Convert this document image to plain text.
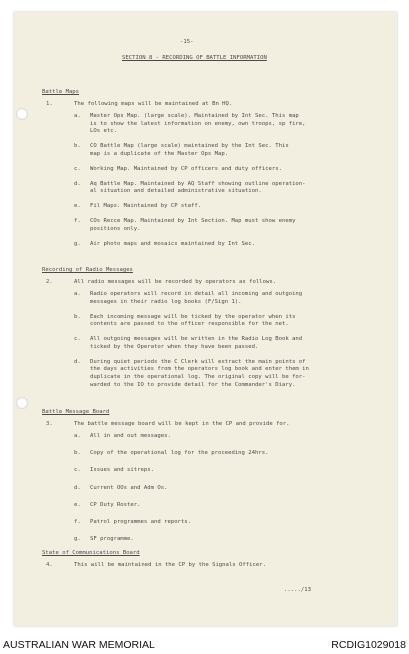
-15-
SECTION 8 - RECORDING OF BATTLE INFORMATION
Battle Maps
1.	The following maps will be maintained at Bn HQ.
a. Master Ops Map. (large scale). Maintained by Int Sec. This map
is to show the latest information on enemy, own troops, sp fire,
LOs etc.
b. CO Battle Map (large scale) maintained by the Int Sec. This
map is a duplicate of the Master Ops Map.
c. Working Map. Maintained by CP officers and duty officers.
d. Aq Battle Map. Maintained by AQ Staff showing outline operation-
al situation and detailed administrative situation.
e. Fil Maps. Maintained by CP staff.
f. COs Recce Map. Maintained by Int Section. Map must show enemy
positions only.
g. Air photo maps and mosaics maintained by Int Sec.
Recording of Radio Messages
2.	All radio messages will be recorded by operators as follows.
a. Radio operators will record in detail all incoming and outgoing
messages in their radio log books (F/Sign 1).
b. Each incoming message will be ticked by the operator when its
contents are passed to the officer responsible for the net.
c. All outgoing messages will be written in the Radio Log Book and
ticked by the Operator when they have been passed.
d. During quiet periods the C Clerk will extract the main points of
the days activities from the operators log book and enter them in
duplicate in the operational log. The original copy will be for-
warded to the IO to provide detail for the Commander's Diary.
Battle Message Board
3.	The battle message board will be kept in the CP and provide for.
a. All in and out messages.
b. Copy of the operational log for the proceeding 24hrs.
c. Issues and sitreps.
d. Current OOs and Adm Os.
e. CP Duty Roster.
f. Patrol programmes and reports.
g. SF programme.
State of Communications Board
4.	This will be maintained in the CP by the Signals Officer.
...../13
AUSTRALIAN WAR MEMORIAL	RCDIG1029018
